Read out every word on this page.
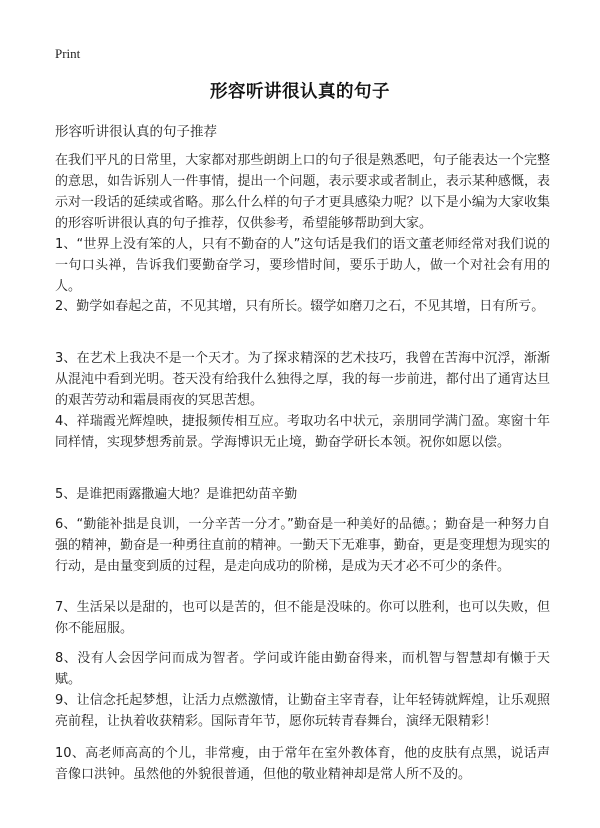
Print
形容听讲很认真的句子
形容听讲很认真的句子推荐

在我们平凡的日常里，大家都对那些朗朗上口的句子很是熟悉吧，句子能表达一个完整的意思，如告诉别人一件事情，提出一个问题，表示要求或者制止，表示某种感慨，表示对一段话的延续或省略。那么什么样的句子才更具感染力呢？以下是小编为大家收集的形容听讲很认真的句子推荐，仅供参考，希望能够帮助到大家。

1、“世界上没有笨的人，只有不勤奋的人”这句话是我们的语文董老师经常对我们说的一句口头禅，告诉我们要勤奋学习，要珍惜时间，要乐于助人，做一个对社会有用的人。

2、勤学如春起之苗，不见其增，只有所长。辍学如磨刀之石，不见其增，日有所亏。

3、在艺术上我决不是一个天才。为了探求精深的艺术技巧，我曾在苦海中沉浮，渐渐从混沌中看到光明。苍天没有给我什么独得之厚，我的每一步前进，都付出了通宵达旦的艰苦劳动和霜晨雨夜的冥思苦想。

4、祥瑞霞光辉煌映，捷报频传相互应。考取功名中状元，亲朋同学满门盈。寒窗十年同样情，实现梦想秀前景。学海博识无止境，勤奋学研长本领。祝你如愿以偿。

5、是谁把雨露撒遍大地？是谁把幼苗辛勤

6、“勤能补拙是良训，一分辛苦一分才。”勤奋是一种美好的品德。；勤奋是一种努力自强的精神，勤奋是一种勇往直前的精神。一勤天下无难事，勤奋，更是变理想为现实的行动，是由量变到质的过程，是走向成功的阶梯，是成为天才必不可少的条件。

7、生活呆以是甜的，也可以是苦的，但不能是没味的。你可以胜利，也可以失败，但你不能屈服。

8、没有人会因学问而成为智者。学问或许能由勤奋得来，而机智与智慧却有懒于天赋。

9、让信念托起梦想，让活力点燃激情，让勤奋主宰青春，让年轻铸就辉煌，让乐观照亮前程，让执着收获精彩。国际青年节，愿你玩转青春舞台，演绎无限精彩！

10、高老师高高的个儿，非常瘦，由于常年在室外教体育，他的皮肤有点黑，说话声音像口洪钟。虽然他的外貌很普通，但他的敬业精神却是常人所不及的。
